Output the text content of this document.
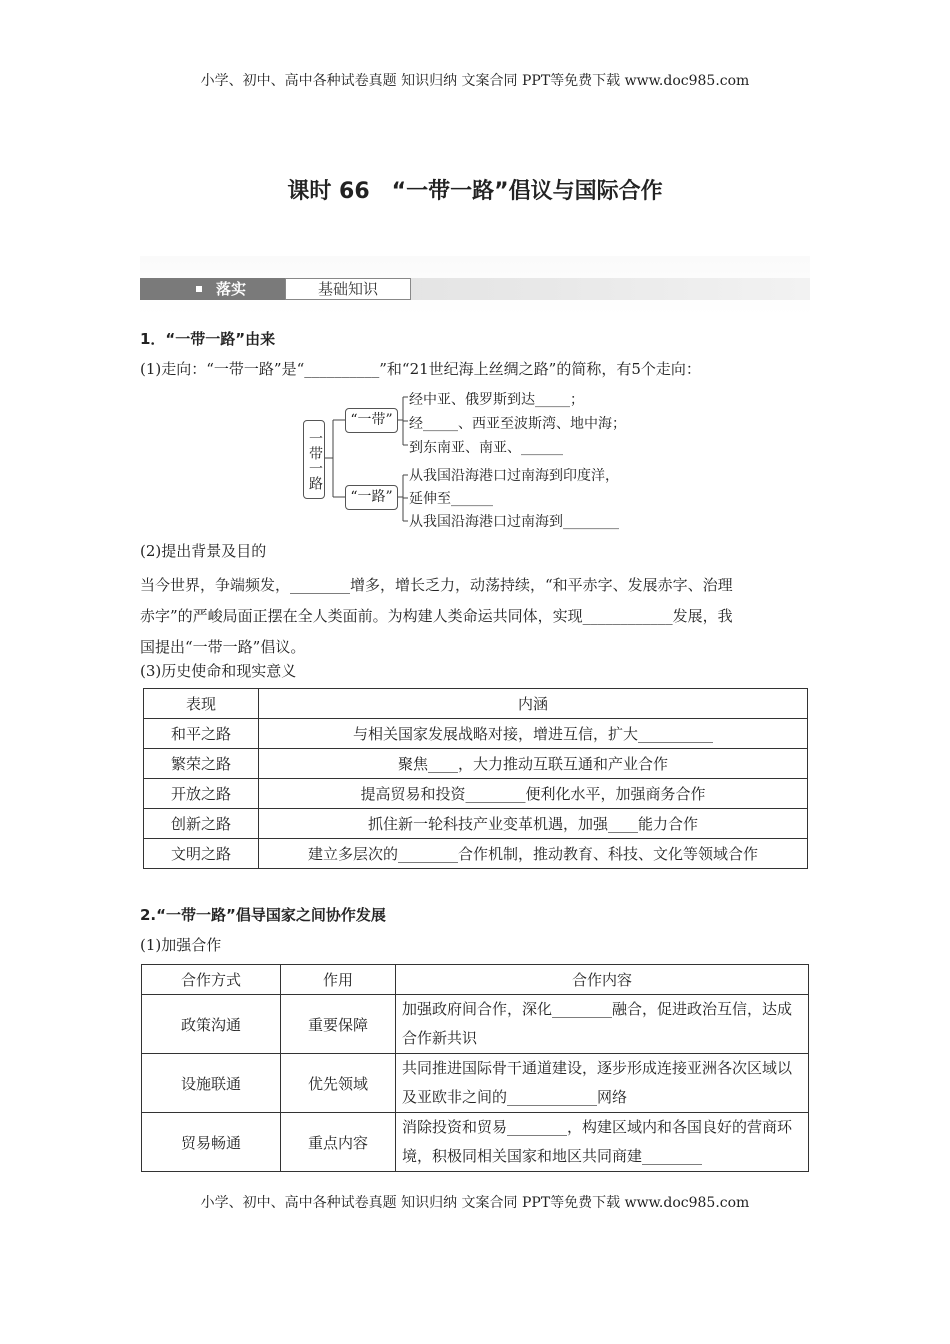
小学、初中、高中各种试卷真题 知识归纳 文案合同 PPT等免费下载 www.doc985.com
课时 66　“一带一路”倡议与国际合作
落实	基础知识
1．“一带一路”由来
(1)走向：“一带一路”是“__________”和“21世纪海上丝绸之路”的简称，有5个走向：
一带一路
“一带”
“一路”
经中亚、俄罗斯到达_____；
经_____、西亚至波斯湾、地中海；
到东南亚、南亚、______
从我国沿海港口过南海到印度洋，
延伸至______
从我国沿海港口过南海到________
(2)提出背景及目的
当今世界，争端频发，________增多，增长乏力，动荡持续，“和平赤字、发展赤字、治理
赤字”的严峻局面正摆在全人类面前。为构建人类命运共同体，实现____________发展，我
国提出“一带一路”倡议。
(3)历史使命和现实意义
表现	内涵
和平之路	与相关国家发展战略对接，增进互信，扩大__________
繁荣之路	聚焦____，大力推动互联互通和产业合作
开放之路	提高贸易和投资________便利化水平，加强商务合作
创新之路	抓住新一轮科技产业变革机遇，加强____能力合作
文明之路	建立多层次的________合作机制，推动教育、科技、文化等领域合作
2.“一带一路”倡导国家之间协作发展
(1)加强合作
合作方式	作用	合作内容
政策沟通	重要保障	加强政府间合作，深化________融合，促进政治互信，达成合作新共识
设施联通	优先领域	共同推进国际骨干通道建设，逐步形成连接亚洲各次区域以及亚欧非之间的____________网络
贸易畅通	重点内容	消除投资和贸易________，构建区域内和各国良好的营商环境，积极同相关国家和地区共同商建________
小学、初中、高中各种试卷真题 知识归纳 文案合同 PPT等免费下载 www.doc985.com
